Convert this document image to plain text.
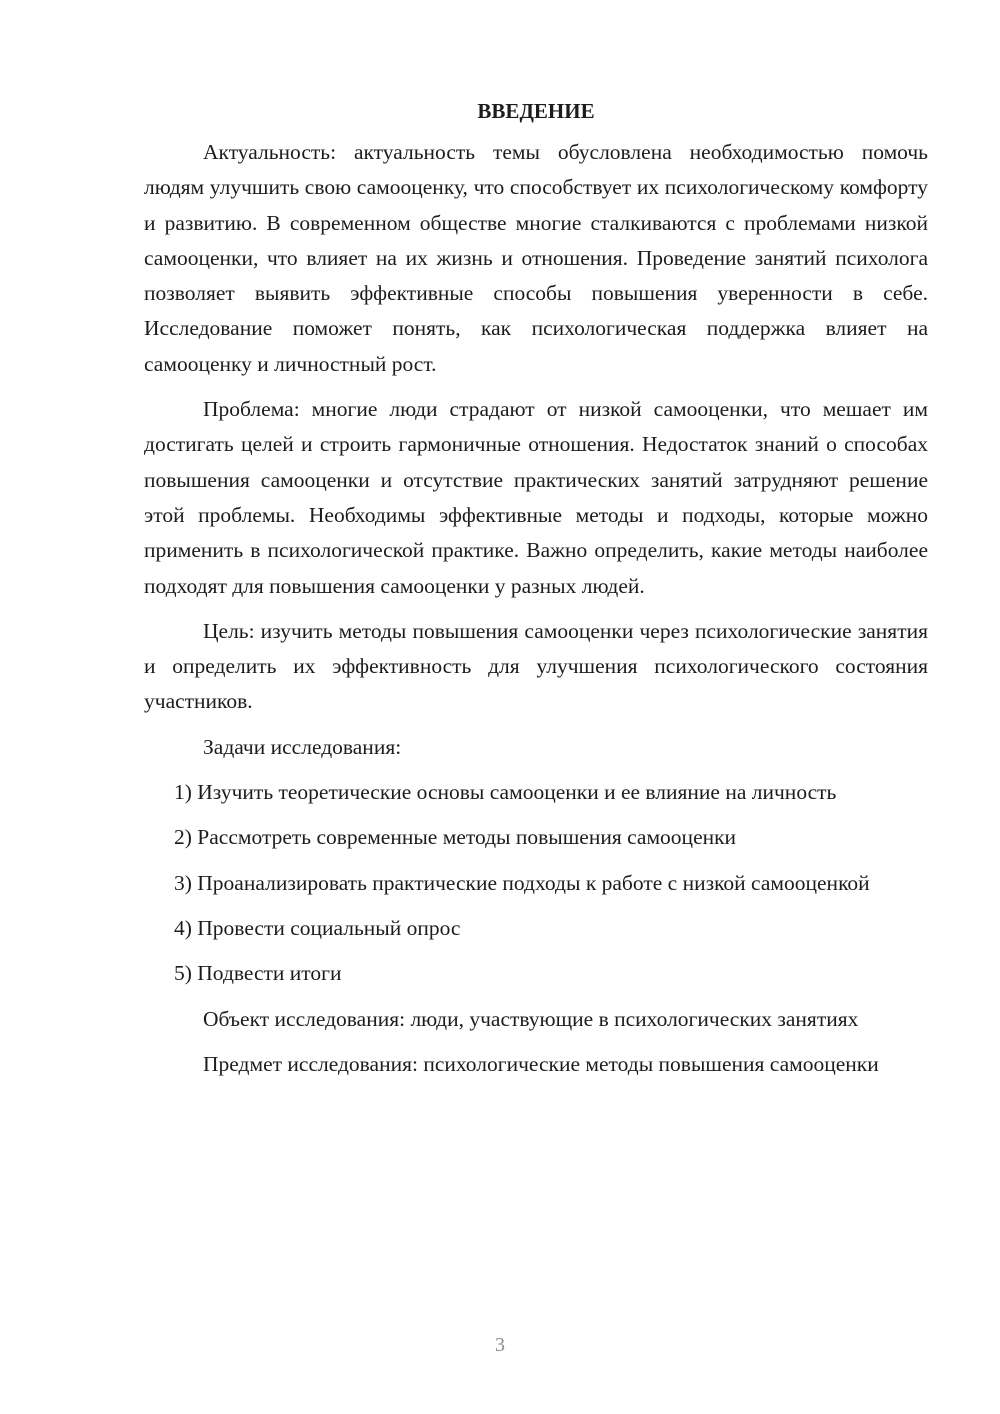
ВВЕДЕНИЕ

Актуальность: актуальность темы обусловлена необходимостью помочь людям улучшить свою самооценку, что способствует их психологическому комфорту и развитию. В современном обществе многие сталкиваются с проблемами низкой самооценки, что влияет на их жизнь и отношения. Проведение занятий психолога позволяет выявить эффективные способы повышения уверенности в себе. Исследование поможет понять, как психологическая поддержка влияет на самооценку и личностный рост.

Проблема: многие люди страдают от низкой самооценки, что мешает им достигать целей и строить гармоничные отношения. Недостаток знаний о способах повышения самооценки и отсутствие практических занятий затрудняют решение этой проблемы. Необходимы эффективные методы и подходы, которые можно применить в психологической практике. Важно определить, какие методы наиболее подходят для повышения самооценки у разных людей.

Цель: изучить методы повышения самооценки через психологические занятия и определить их эффективность для улучшения психологического состояния участников.

Задачи исследования:

1) Изучить теоретические основы самооценки и ее влияние на личность

2) Рассмотреть современные методы повышения самооценки

3) Проанализировать практические подходы к работе с низкой самооценкой

4) Провести социальный опрос

5) Подвести итоги

Объект исследования: люди, участвующие в психологических занятиях

Предмет исследования: психологические методы повышения самооценки

3
